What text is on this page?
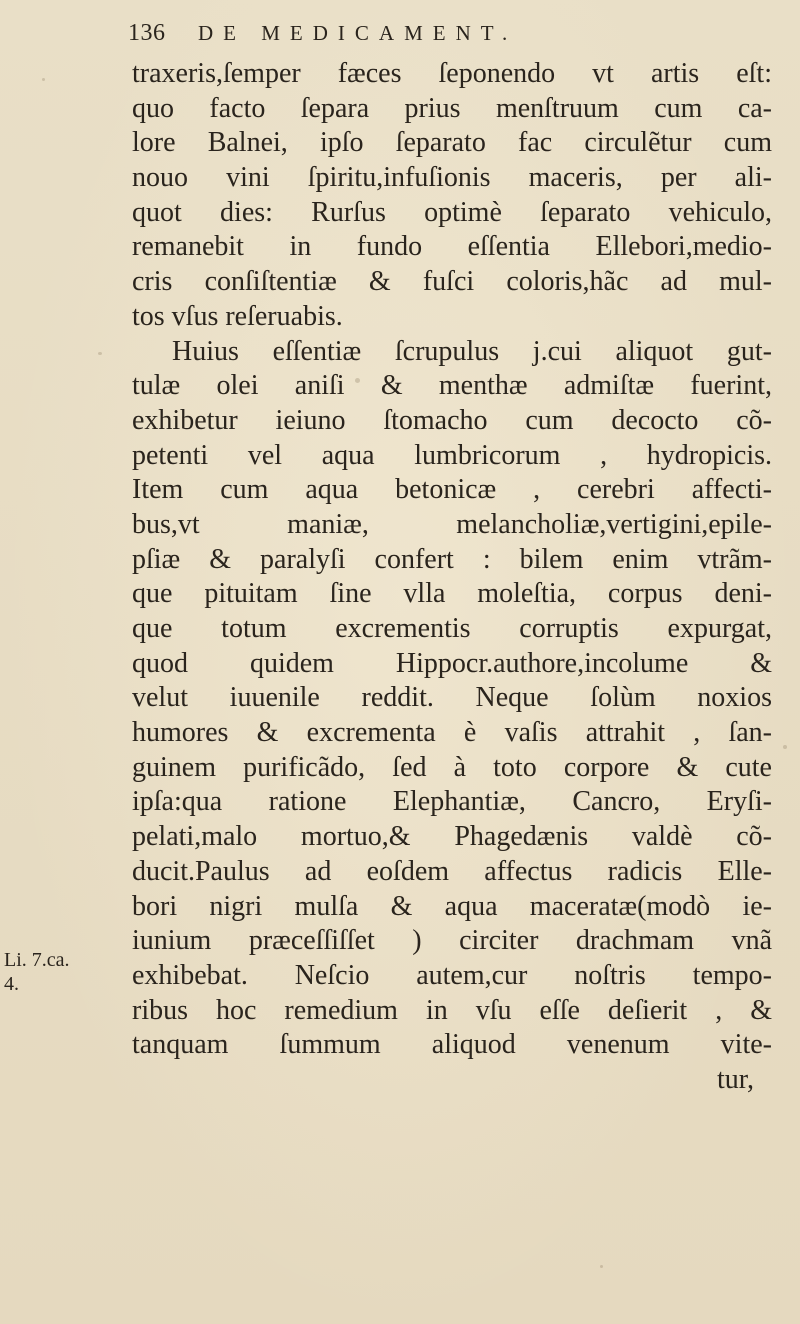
136 DE MEDICAMENT.
traxeris,ſemper fæces ſeponendo vt artis eſt:
quo facto ſepara prius menſtruum cum ca-
lore Balnei, ipſo ſeparato fac circulẽtur cum
nouo vini ſpiritu,infuſionis maceris, per ali-
quot dies: Rurſus optimè ſeparato vehiculo,
remanebit in fundo eſſentia Ellebori,medio-
cris conſiſtentiæ & fuſci coloris,hãc ad mul-
tos vſus reſeruabis.
Huius eſſentiæ ſcrupulus j.cui aliquot gut-
tulæ olei aniſi & menthæ admiſtæ fuerint,
exhibetur ieiuno ſtomacho cum decocto cõ-
petenti vel aqua lumbricorum , hydropicis.
Item cum aqua betonicæ , cerebri affecti-
bus,vt maniæ, melancholiæ,vertigini,epile-
pſiæ & paralyſi confert : bilem enim vtrãm-
que pituitam ſine vlla moleſtia, corpus deni-
que totum excrementis corruptis expurgat,
quod quidem Hippocr.authore,incolume &
velut iuuenile reddit. Neque ſolùm noxios
humores & excrementa è vaſis attrahit , ſan-
guinem purificãdo, ſed à toto corpore & cute
ipſa:qua ratione Elephantiæ, Cancro, Eryſi-
pelati,malo mortuo,& Phagedænis valdè cõ-
ducit.Paulus ad eoſdem affectus radicis Elle-
bori nigri mulſa & aqua maceratæ(modò ie-
iunium præceſſiſſet ) circiter drachmam vnã
exhibebat. Neſcio autem,cur noſtris tempo-
ribus hoc remedium in vſu eſſe deſierit , &
tanquam ſummum aliquod venenum vite-
tur,
Li. 7.ca.
4.
